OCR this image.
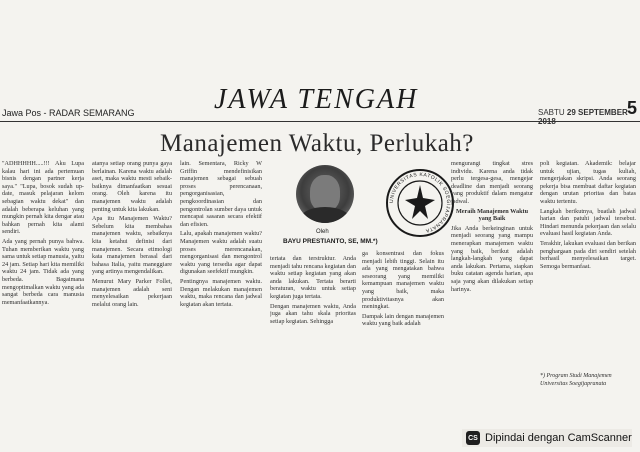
Jawa Pos - RADAR SEMARANG	JAWA TENGAH	SABTU 29 SEPTEMBER 5
Manajemen Waktu, Perlukah?

"ADHHHHH.....!!! Aku Lupa kalau hari ini ada pertemuan bisnis dengan partner kerja saya." "Lupa, bosok sudah up-date, masuk pelajaran kelom sebagian waktu dekat" dan adalah beberapa keluhan yang mungkin pernah kita dengar atau bahkan pernah kita alami sendiri.

Ada yang pernah punya bahwa. Tuhan memberikan waktu yang sama untuk setiap manusia, yaitu 24 jam. Setiap hari kita memiliki waktu 24 jam. Tidak ada yang berbeda. Bagaimana mengoptimalkan waktu yang ada sangat berbeda cara manusia memanfaatkannya.

atanya setiap orang punya gaya berlainan. Karena waktu adalah aset, maka waktu mesti sebaik-baiknya dimanfaatkan sesuai orang. Oleh karena itu manajemen waktu adalah penting untuk kita lakukan.

Apa itu Manajemen Waktu? Sebelum kita membahas manajemen waktu, sebaiknya kita ketahui definisi dari manajemen. Secara etimologi kata manajemen berasal dari bahasa Italia, yaitu maneggiare yang artinya mengendalikan.

Menurut Mary Parker Follet, manajemen adalah seni menyelesaikan pekerjaan melalui orang lain.

lain. Sementara, Ricky W Griffin mendefinisikan manajemen sebagai sebuah proses perencanaan, pengorganisasian, pengkoordinasian dan pengontrolan sumber daya untuk mencapai sasaran secara efektif dan efisien.

Lalu, apakah manajemen waktu? Manajemen waktu adalah suatu proses merencanakan, mengorganisasi dan mengontrol waktu yang tersedia agar dapat digunakan seefektif mungkin.

Pentingnya manajemen waktu. Dengan melakukan manajemen waktu, maka rencana dan jadwal kegiatan akan tertata.

Oleh
BAYU PRESTIANTO, SE, MM.*)

tertata dan terstruktur. Anda menjadi tahu rencana kegiatan dan waktu setiap kegiatan yang akan anda lakukan. Tertata berarti beraturan, waktu untuk setiap kegiatan juga tertata.

Dengan manajemen waktu, Anda juga akan tahu skala prioritas setiap kegiatan. Sehingga

UNIVERSITAS KATOLIK SOEGIJAPRANATA

ga konsentrasi dan fokus menjadi lebih tinggi. Selain itu ada yang mengatakan bahwa seseorang yang memiliki kemampuan manajemen waktu yang baik, maka produktivitasnya akan meningkat.

Dampak lain dengan manajemen waktu yang baik adalah

mengurangi tingkat stres individu. Karena anda tidak perlu tergesa-gesa, mengejar deadline dan menjadi seorang yang produktif dalam mengatur jadwal.

Meraih Manajemen Waktu yang Baik

Jika Anda berkeinginan untuk menjadi seorang yang mampu menerapkan manajemen waktu yang baik, berikut adalah langkah-langkah yang dapat anda lakukan. Pertama, siapkan buku catatan agenda harian, apa saja yang akan dilakukan setiap harinya.

poli kegiatan. Akademik: belajar untuk ujian, tugas kuliah, mengerjakan skripsi. Anda seorang pekerja bisa membuat daftar kegiatan dengan urutan prioritas dan batas waktu tertentu.

Langkah berikutnya, buatlah jadwal harian dan patuhi jadwal tersebut. Hindari menunda pekerjaan dan selalu evaluasi hasil kegiatan Anda.

Terakhir, lakukan evaluasi dan berikan penghargaan pada diri sendiri setelah berhasil menyelesaikan target. Semoga bermanfaat.

*) Program Studi Manajemen Universitas Soegijapranata
CS Dipindai dengan CamScanner
